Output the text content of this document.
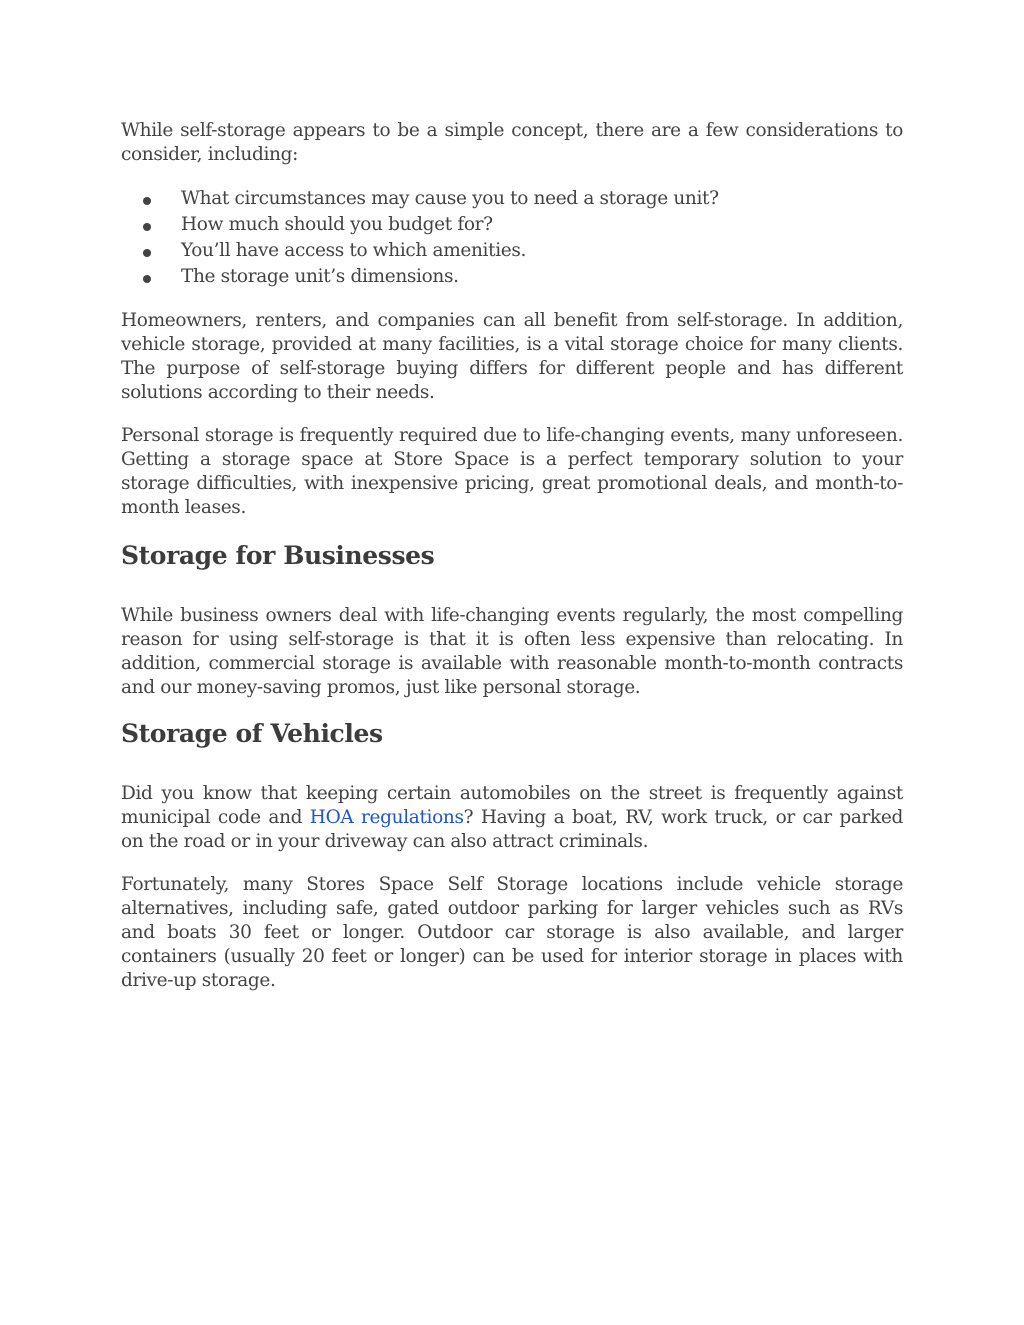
While self-storage appears to be a simple concept, there are a few considerations to consider, including:

What circumstances may cause you to need a storage unit?
How much should you budget for?
You’ll have access to which amenities.
The storage unit’s dimensions.

Homeowners, renters, and companies can all benefit from self-storage. In addition, vehicle storage, provided at many facilities, is a vital storage choice for many clients. The purpose of self-storage buying differs for different people and has different solutions according to their needs.

Personal storage is frequently required due to life-changing events, many unforeseen. Getting a storage space at Store Space is a perfect temporary solution to your storage difficulties, with inexpensive pricing, great promotional deals, and month-to-month leases.

Storage for Businesses

While business owners deal with life-changing events regularly, the most compelling reason for using self-storage is that it is often less expensive than relocating. In addition, commercial storage is available with reasonable month-to-month contracts and our money-saving promos, just like personal storage.

Storage of Vehicles

Did you know that keeping certain automobiles on the street is frequently against municipal code and HOA regulations? Having a boat, RV, work truck, or car parked on the road or in your driveway can also attract criminals.

Fortunately, many Stores Space Self Storage locations include vehicle storage alternatives, including safe, gated outdoor parking for larger vehicles such as RVs and boats 30 feet or longer. Outdoor car storage is also available, and larger containers (usually 20 feet or longer) can be used for interior storage in places with drive-up storage.
